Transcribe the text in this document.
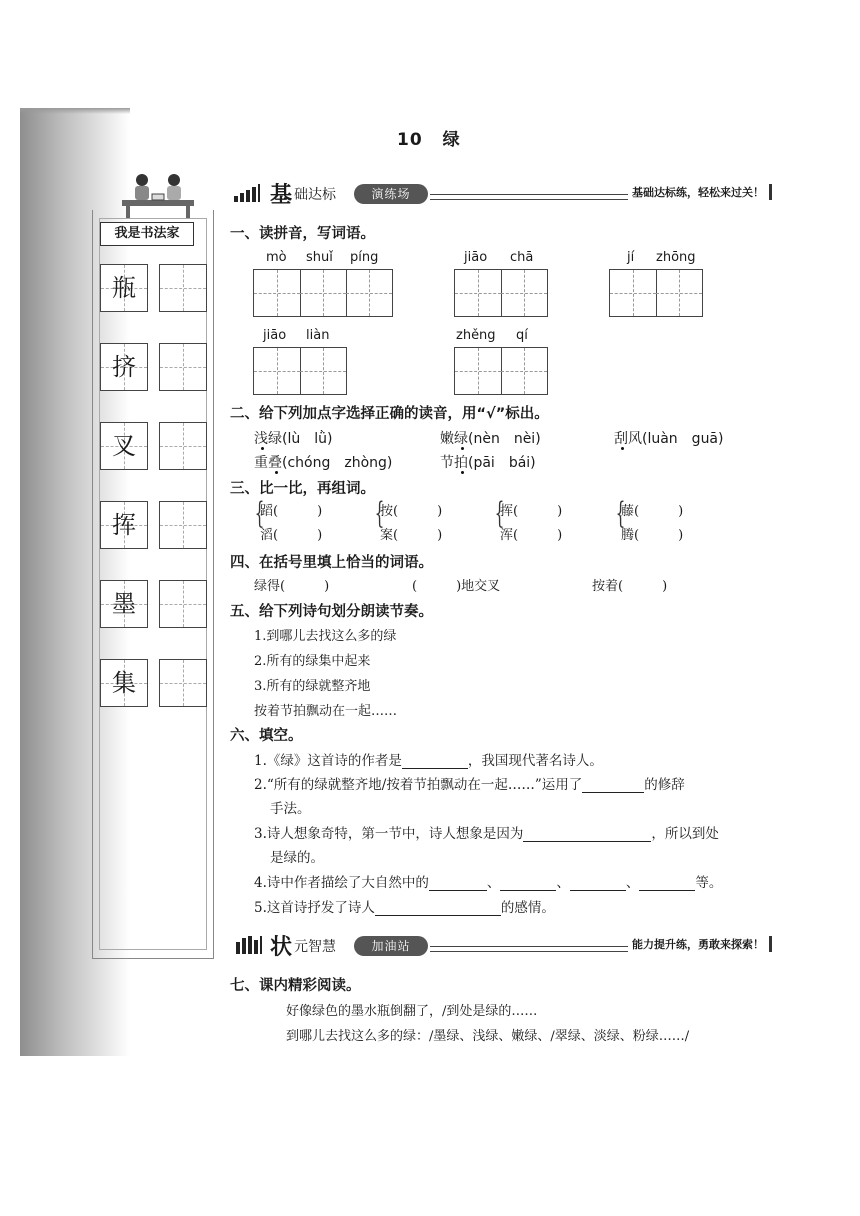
10 绿
我是书法家
瓶
挤
叉
挥
墨
集
基 础达标	演练场	基础达标练，轻松来过关！
一、读拼音，写词语。
mò shuǐ píng	jiāo chā	jí zhōng
jiāo liàn	zhěng qí
二、给下列加点字选择正确的读音，用“√”标出。
浅绿(lù　lǜ)	嫩绿(nèn　nèi)	刮风(luàn　guā)
重叠(chóng　zhòng)	节拍(pāi　bái)
三、比一比，再组词。
{
蹈(　　　)
滔(　　　)
{
按(　　　)
案(　　　)
{
挥(　　　)
浑(　　　)
{
藤(　　　)
腾(　　　)
四、在括号里填上恰当的词语。
绿得(　　　)	(　　　)地交叉	按着(　　　)
五、给下列诗句划分朗读节奏。
1.到哪儿去找这么多的绿
2.所有的绿集中起来
3.所有的绿就整齐地
按着节拍飘动在一起……
六、填空。
1.《绿》这首诗的作者是	，我国现代著名诗人。
2.“所有的绿就整齐地/按着节拍飘动在一起……”运用了	的修辞
手法。
3.诗人想象奇特，第一节中，诗人想象是因为	，所以到处
是绿的。
4.诗中作者描绘了大自然中的	、	、	、	等。
5.这首诗抒发了诗人	的感情。
状 元智慧	加油站	能力提升练，勇敢来探索！
七、课内精彩阅读。
好像绿色的墨水瓶倒翻了，/到处是绿的……
到哪儿去找这么多的绿：/墨绿、浅绿、嫩绿、/翠绿、淡绿、粉绿……/
